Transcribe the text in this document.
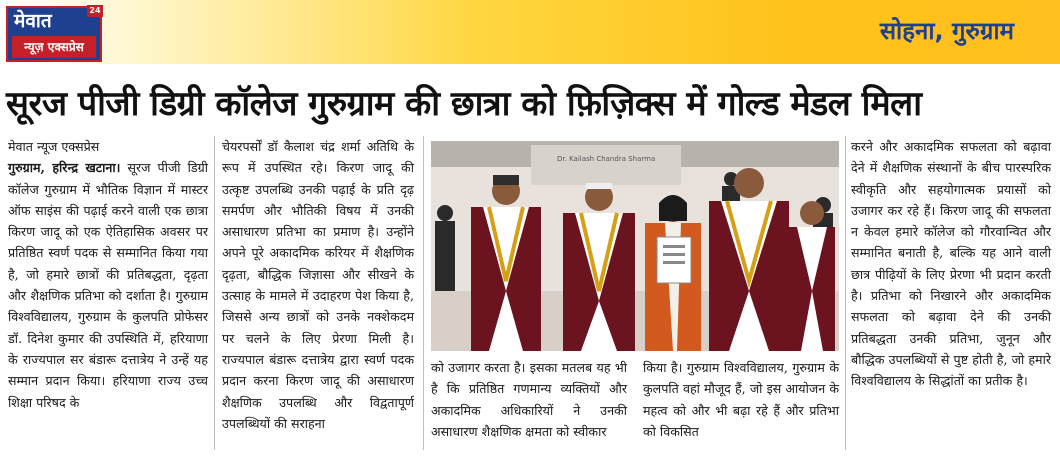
मेवात
न्यूज़ एक्सप्रेस
24
सोहना, गुरुग्राम
सूरज पीजी डिग्री कॉलेज गुरुग्राम की छात्रा को फ़िज़िक्स में गोल्ड मेडल मिला
मेवात न्यूज एक्सप्रेस

गुरुग्राम, हरिन्द्र खटाना। सूरज पीजी डिग्री कॉलेज गुरुग्राम में भौतिक विज्ञान में मास्टर ऑफ साइंस की पढ़ाई करने वाली एक छात्रा किरण जादू को एक ऐतिहासिक अवसर पर प्रतिष्ठित स्वर्ण पदक से सम्मानित किया गया है, जो हमारे छात्रों की प्रतिबद्धता, दृढ़ता और शैक्षणिक प्रतिभा को दर्शाता है। गुरुग्राम विश्वविद्यालय, गुरुग्राम के कुलपति प्रोफेसर डॉ. दिनेश कुमार की उपस्थिति में, हरियाणा के राज्यपाल सर बंडारू दत्तात्रेय ने उन्हें यह सम्मान प्रदान किया। हरियाणा राज्य उच्च शिक्षा परिषद के

चेयरपर्सों डॉ कैलाश चंद्र शर्मा अतिथि के रूप में उपस्थित रहे। किरण जादू की उत्कृष्ट उपलब्धि उनकी पढ़ाई के प्रति दृढ़ समर्पण और भौतिकी विषय में उनकी असाधारण प्रतिभा का प्रमाण है। उन्होंने अपने पूरे अकादमिक करियर में शैक्षणिक दृढ़ता, बौद्धिक जिज्ञासा और सीखने के उत्साह के मामले में उदाहरण पेश किया है, जिससे अन्य छात्रों को उनके नक्शेकदम पर चलने के लिए प्रेरणा मिली है। राज्यपाल बंडारू दत्तात्रेय द्वारा स्वर्ण पदक प्रदान करना किरण जादू की असाधारण शैक्षणिक उपलब्धि और विद्वतापूर्ण उपलब्धियों की सराहना

Dr. Kailash Chandra Sharma

को उजागर करता है। इसका मतलब यह भी है कि प्रतिष्ठित गणमान्य व्यक्तियों और अकादमिक अधिकारियों ने उनकी असाधारण शैक्षणिक क्षमता को स्वीकार

किया है। गुरुग्राम विश्वविद्यालय, गुरुग्राम के कुलपति वहां मौजूद हैं, जो इस आयोजन के महत्व को और भी बढ़ा रहे हैं और प्रतिभा को विकसित

करने और अकादमिक सफलता को बढ़ावा देने में शैक्षणिक संस्थानों के बीच पारस्परिक स्वीकृति और सहयोगात्मक प्रयासों को उजागर कर रहे हैं। किरण जादू की सफलता न केवल हमारे कॉलेज को गौरवान्वित और सम्मानित बनाती है, बल्कि यह आने वाली छात्र पीढ़ियों के लिए प्रेरणा भी प्रदान करती है। प्रतिभा को निखारने और अकादमिक सफलता को बढ़ावा देने की उनकी प्रतिबद्धता उनकी प्रतिभा, जुनून और बौद्धिक उपलब्धियों से पुष्ट होती है, जो हमारे विश्वविद्यालय के सिद्धांतों का प्रतीक है।
